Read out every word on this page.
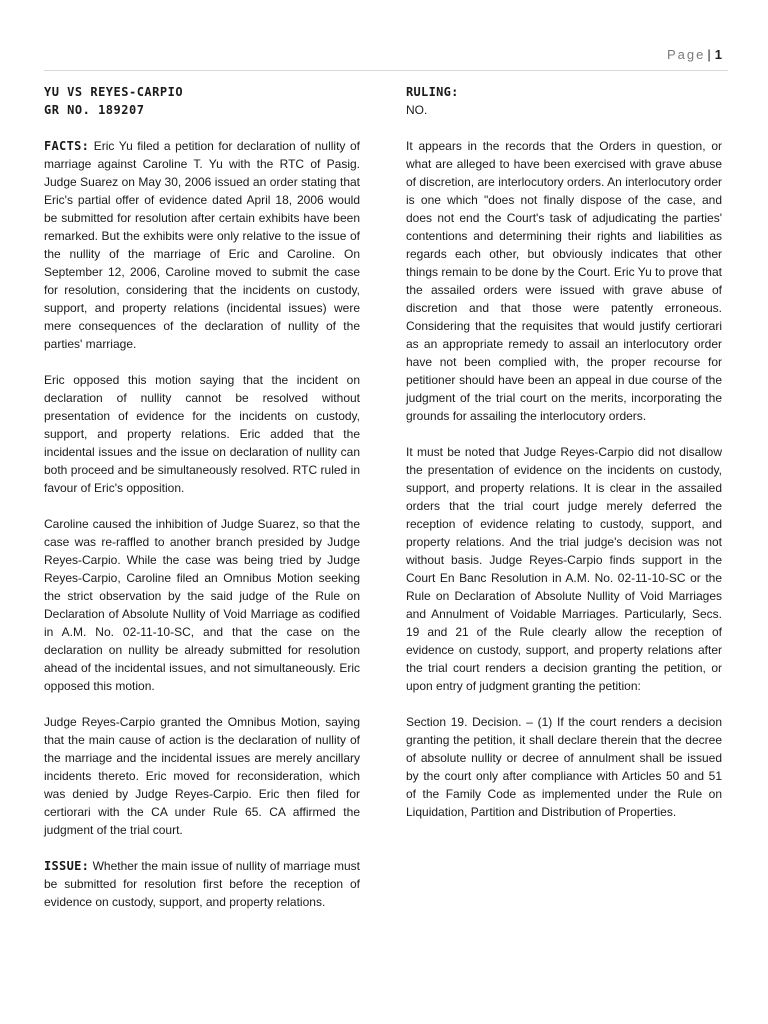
Page | 1
YU VS REYES-CARPIO
GR NO. 189207

FACTS: Eric Yu filed a petition for declaration of nullity of marriage against Caroline T. Yu with the RTC of Pasig. Judge Suarez on May 30, 2006 issued an order stating that Eric's partial offer of evidence dated April 18, 2006 would be submitted for resolution after certain exhibits have been remarked. But the exhibits were only relative to the issue of the nullity of the marriage of Eric and Caroline. On September 12, 2006, Caroline moved to submit the case for resolution, considering that the incidents on custody, support, and property relations (incidental issues) were mere consequences of the declaration of nullity of the parties' marriage.

Eric opposed this motion saying that the incident on declaration of nullity cannot be resolved without presentation of evidence for the incidents on custody, support, and property relations. Eric added that the incidental issues and the issue on declaration of nullity can both proceed and be simultaneously resolved. RTC ruled in favour of Eric's opposition.

Caroline caused the inhibition of Judge Suarez, so that the case was re-raffled to another branch presided by Judge Reyes-Carpio. While the case was being tried by Judge Reyes-Carpio, Caroline filed an Omnibus Motion seeking the strict observation by the said judge of the Rule on Declaration of Absolute Nullity of Void Marriage as codified in A.M. No. 02-11-10-SC, and that the case on the declaration on nullity be already submitted for resolution ahead of the incidental issues, and not simultaneously. Eric opposed this motion.

Judge Reyes-Carpio granted the Omnibus Motion, saying that the main cause of action is the declaration of nullity of the marriage and the incidental issues are merely ancillary incidents thereto. Eric moved for reconsideration, which was denied by Judge Reyes-Carpio. Eric then filed for certiorari with the CA under Rule 65. CA affirmed the judgment of the trial court.

ISSUE: Whether the main issue of nullity of marriage must be submitted for resolution first before the reception of evidence on custody, support, and property relations.

RULING:
NO.

It appears in the records that the Orders in question, or what are alleged to have been exercised with grave abuse of discretion, are interlocutory orders. An interlocutory order is one which "does not finally dispose of the case, and does not end the Court's task of adjudicating the parties' contentions and determining their rights and liabilities as regards each other, but obviously indicates that other things remain to be done by the Court. Eric Yu to prove that the assailed orders were issued with grave abuse of discretion and that those were patently erroneous. Considering that the requisites that would justify certiorari as an appropriate remedy to assail an interlocutory order have not been complied with, the proper recourse for petitioner should have been an appeal in due course of the judgment of the trial court on the merits, incorporating the grounds for assailing the interlocutory orders.

It must be noted that Judge Reyes-Carpio did not disallow the presentation of evidence on the incidents on custody, support, and property relations. It is clear in the assailed orders that the trial court judge merely deferred the reception of evidence relating to custody, support, and property relations. And the trial judge's decision was not without basis. Judge Reyes-Carpio finds support in the Court En Banc Resolution in A.M. No. 02-11-10-SC or the Rule on Declaration of Absolute Nullity of Void Marriages and Annulment of Voidable Marriages. Particularly, Secs. 19 and 21 of the Rule clearly allow the reception of evidence on custody, support, and property relations after the trial court renders a decision granting the petition, or upon entry of judgment granting the petition:

Section 19. Decision. – (1) If the court renders a decision granting the petition, it shall declare therein that the decree of absolute nullity or decree of annulment shall be issued by the court only after compliance with Articles 50 and 51 of the Family Code as implemented under the Rule on Liquidation, Partition and Distribution of Properties.
